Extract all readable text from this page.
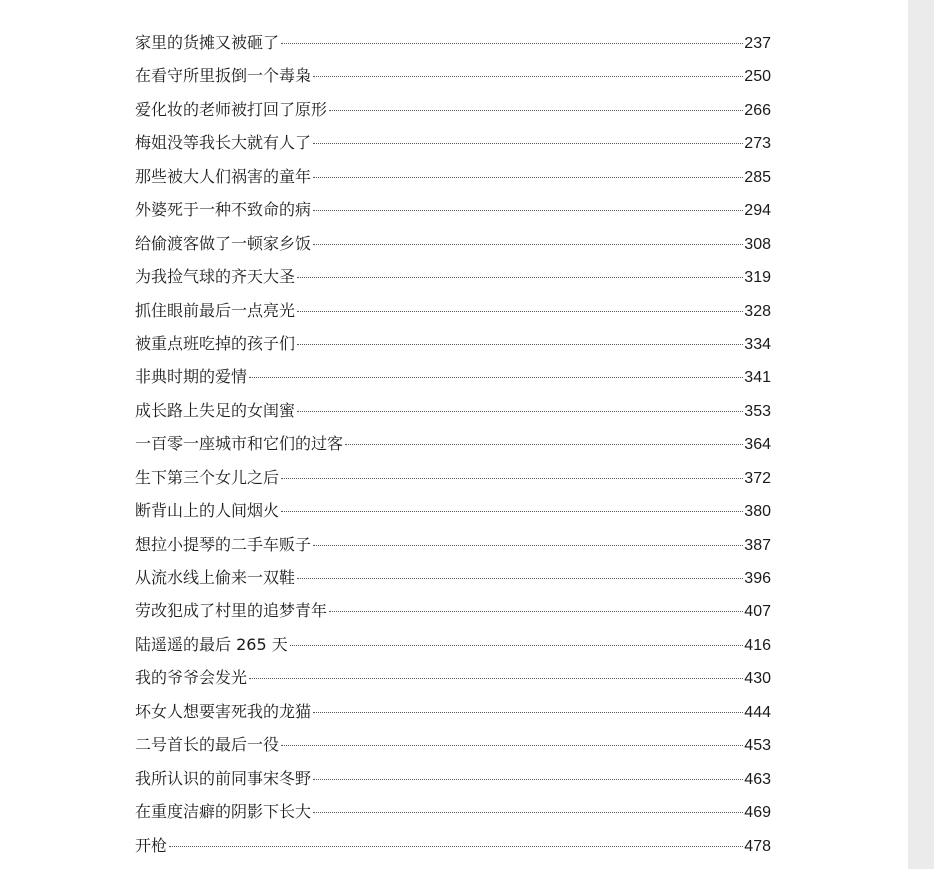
家里的货摊又被砸了	237
在看守所里扳倒一个毒枭	250
爱化妆的老师被打回了原形	266
梅姐没等我长大就有人了	273
那些被大人们祸害的童年	285
外婆死于一种不致命的病	294
给偷渡客做了一顿家乡饭	308
为我捡气球的齐天大圣	319
抓住眼前最后一点亮光	328
被重点班吃掉的孩子们	334
非典时期的爱情	341
成长路上失足的女闺蜜	353
一百零一座城市和它们的过客	364
生下第三个女儿之后	372
断背山上的人间烟火	380
想拉小提琴的二手车贩子	387
从流水线上偷来一双鞋	396
劳改犯成了村里的追梦青年	407
陆遥遥的最后 265 天	416
我的爷爷会发光	430
坏女人想要害死我的龙猫	444
二号首长的最后一役	453
我所认识的前同事宋冬野	463
在重度洁癖的阴影下长大	469
开枪	478
